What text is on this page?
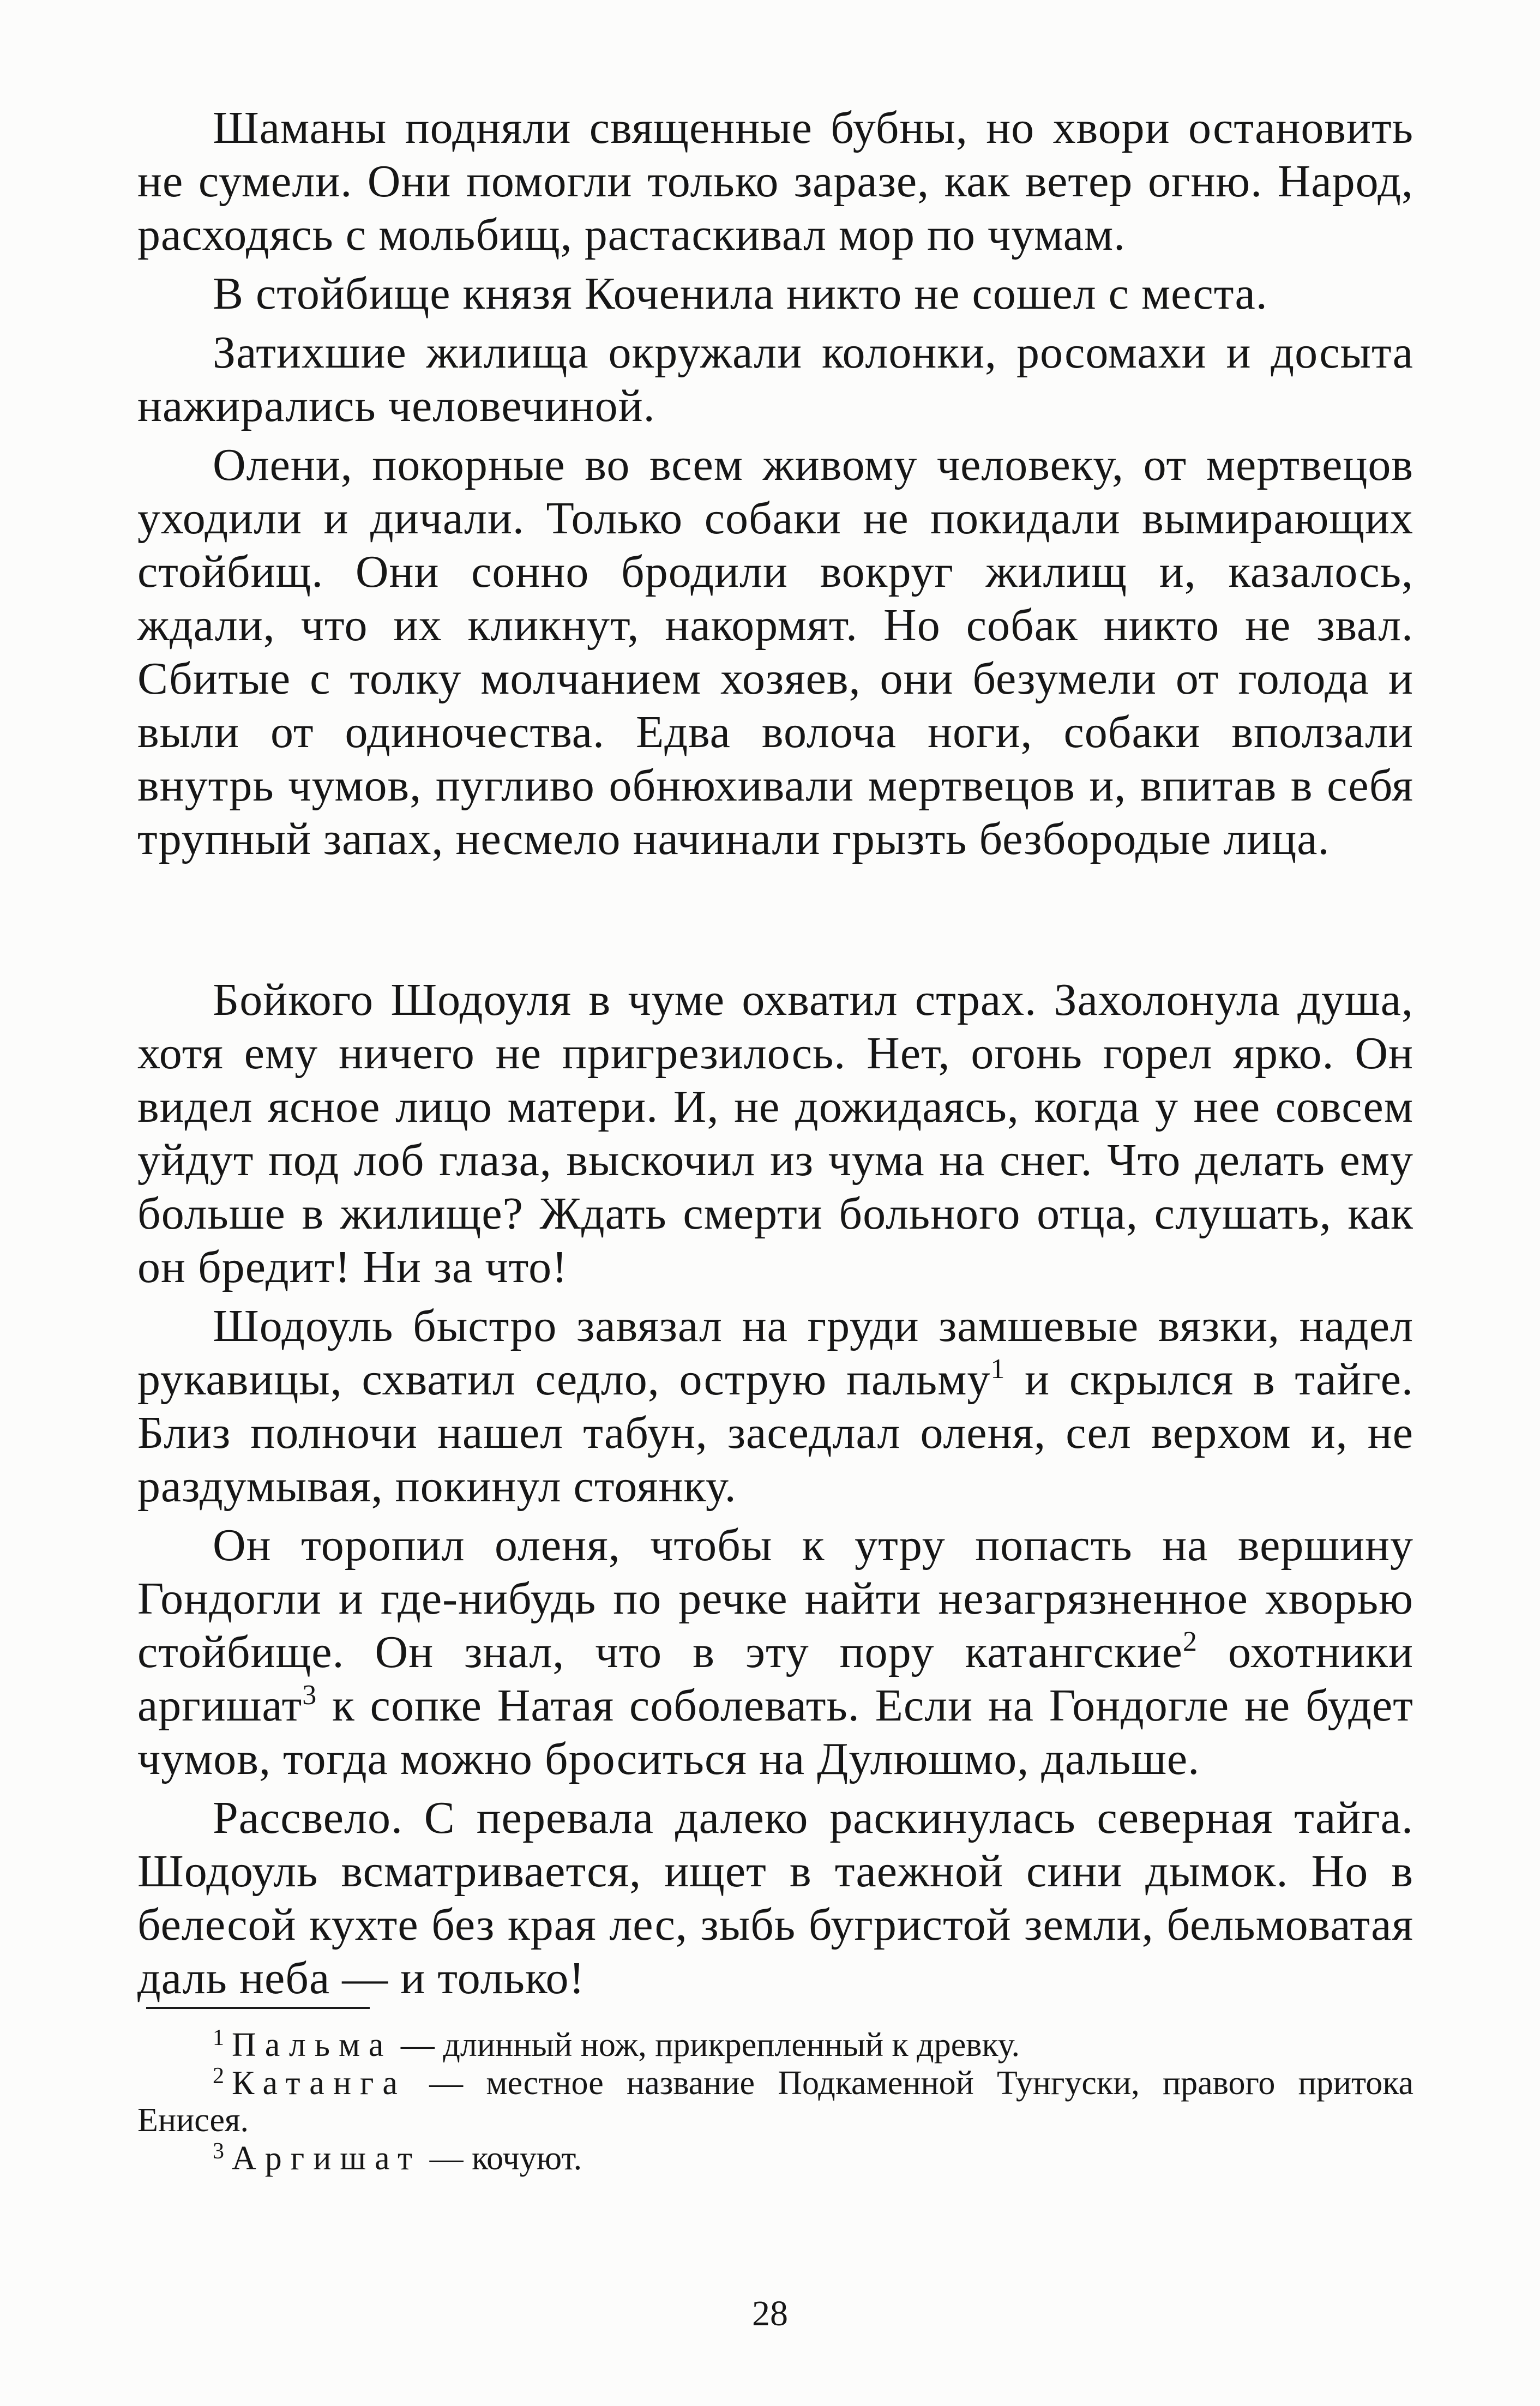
Шаманы подняли священные бубны, но хвори остановить не сумели. Они помогли только заразе, как ветер огню. Народ, расходясь с мольбищ, растаскивал мор по чумам.

В стойбище князя Коченила никто не сошел с места.

Затихшие жилища окружали колонки, росомахи и досыта нажирались человечиной.

Олени, покорные во всем живому человеку, от мертвецов уходили и дичали. Только собаки не покидали вымирающих стойбищ. Они сонно бродили вокруг жилищ и, казалось, ждали, что их кликнут, накормят. Но собак никто не звал. Сбитые с толку молчанием хозяев, они безумели от голода и выли от одиночества. Едва волоча ноги, собаки вползали внутрь чумов, пугливо обнюхивали мертвецов и, впитав в себя трупный запах, несмело начинали грызть безбородые лица.

Бойкого Шодоуля в чуме охватил страх. Захолонула душа, хотя ему ничего не пригрезилось. Нет, огонь горел ярко. Он видел ясное лицо матери. И, не дожидаясь, когда у нее совсем уйдут под лоб глаза, выскочил из чума на снег. Что делать ему больше в жилище? Ждать смерти больного отца, слушать, как он бредит! Ни за что!

Шодоуль быстро завязал на груди замшевые вязки, надел рукавицы, схватил седло, острую пальму$^1$ и скрылся в тайге. Близ полночи нашел табун, заседлал оленя, сел верхом и, не раздумывая, покинул стоянку.

Он торопил оленя, чтобы к утру попасть на вершину Гондогли и где-нибудь по речке найти незагрязненное хворью стойбище. Он знал, что в эту пору катангские$^2$ охотники аргишат$^3$ к сопке Натая соболевать. Если на Гондогле не будет чумов, тогда можно броситься на Дулюшмо, дальше.

Рассвело. С перевала далеко раскинулась северная тайга. Шодоуль всматривается, ищет в таежной сини дымок. Но в белесой кухте без края лес, зыбь бугристой земли, бельмоватая даль неба — и только!

$^1$ Пальма — длинный нож, прикрепленный к древку.

$^2$ Катанга — местное название Подкаменной Тунгуски, правого притока Енисея.

$^3$ Аргишат — кочуют.

28
